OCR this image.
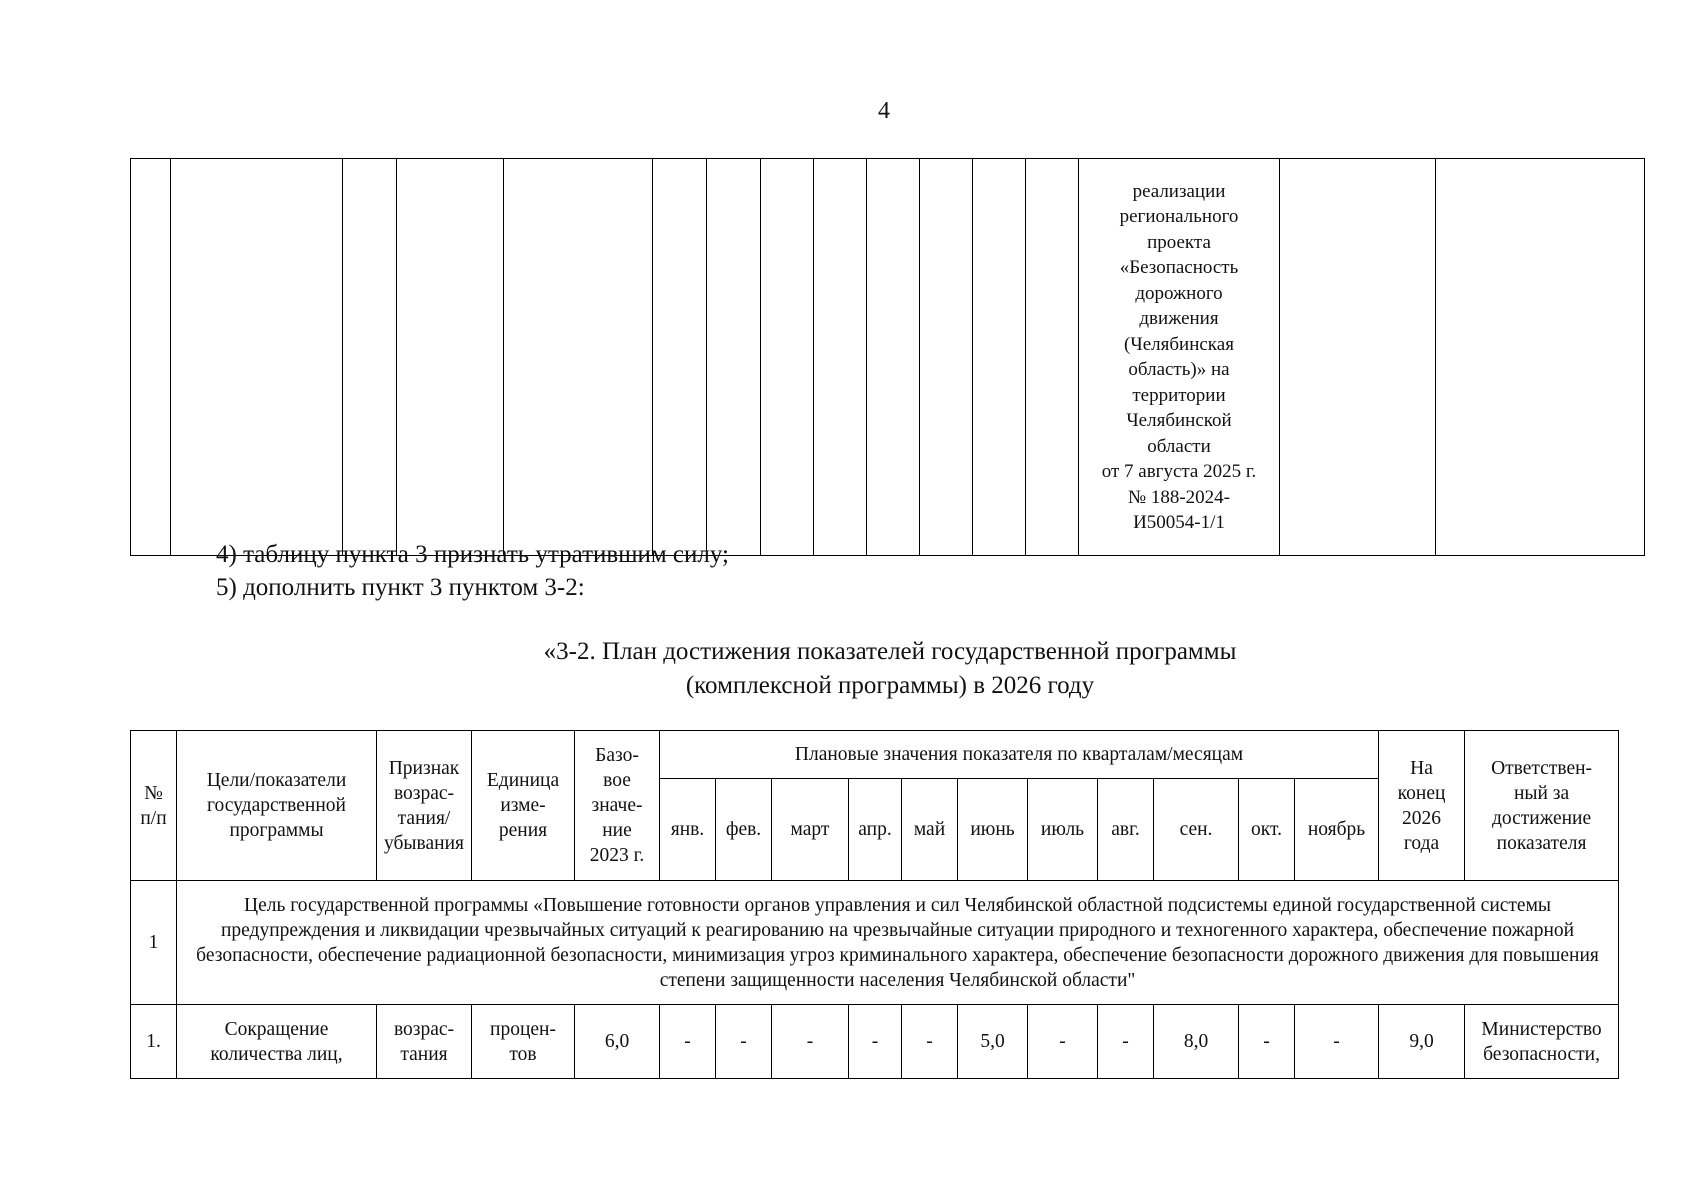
4
													реализации
регионального
проекта
«Безопасность
дорожного
движения
(Челябинская
область)» на
территории
Челябинской
области
от 7 августа 2025 г.
№ 188-2024-
И50054-1/1		
4) таблицу пункта 3 признать утратившим силу;
5) дополнить пункт 3 пунктом 3-2:
«3-2. План достижения показателей государственной программы
(комплексной программы) в 2026 году
№
п/п	Цели/показатели
государственной
программы	Признак
возрас-
тания/
убывания	Единица
изме-
рения	Базо-
вое
значе-
ние
2023 г.	Плановые значения показателя по кварталам/месяцам											На
конец
2026
года	Ответствен-
ный за
достижение
показателя
					янв.	фев.	март	апр.	май	июнь	июль	авг.	сен.	окт.	ноябрь		
1	Цель государственной программы «Повышение готовности органов управления и сил Челябинской областной подсистемы единой государственной системы предупреждения и ликвидации чрезвычайных ситуаций к реагированию на чрезвычайные ситуации природного и техногенного характера, обеспечение пожарной безопасности, обеспечение радиационной безопасности, минимизация угроз криминального характера, обеспечение безопасности дорожного движения для повышения степени защищенности населения Челябинской области"																
1.	Сокращение
количества лиц,	возрас-
тания	процен-
тов	6,0	-	-	-	-	-	5,0	-	-	8,0	-	-	9,0	Министерство
безопасности,
